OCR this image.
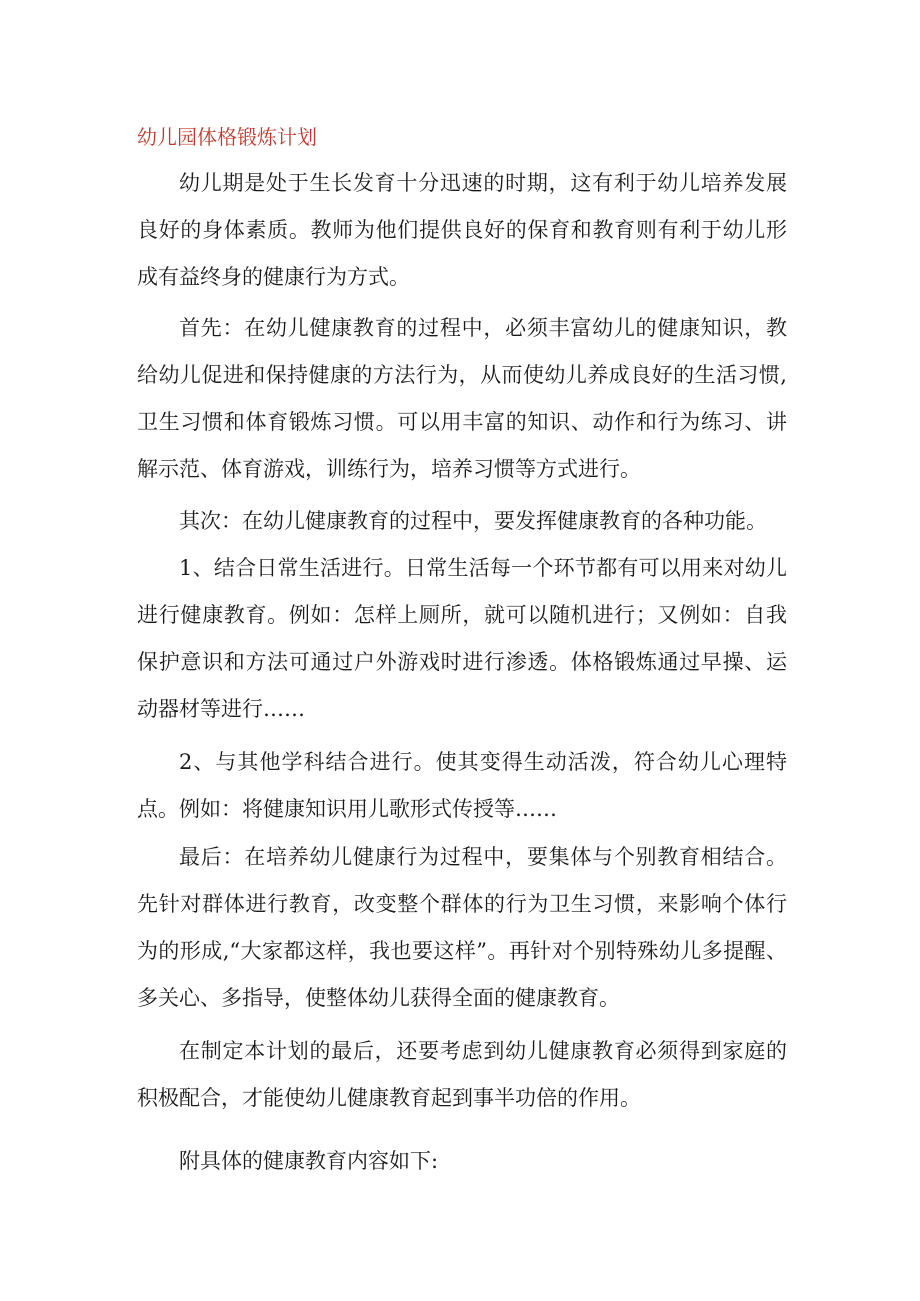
幼儿园体格锻炼计划

幼儿期是处于生长发育十分迅速的时期，这有利于幼儿培养发展良好的身体素质。教师为他们提供良好的保育和教育则有利于幼儿形成有益终身的健康行为方式。

首先：在幼儿健康教育的过程中，必须丰富幼儿的健康知识，教给幼儿促进和保持健康的方法行为，从而使幼儿养成良好的生活习惯,卫生习惯和体育锻炼习惯。可以用丰富的知识、动作和行为练习、讲解示范、体育游戏，训练行为，培养习惯等方式进行。

其次：在幼儿健康教育的过程中，要发挥健康教育的各种功能。

1、结合日常生活进行。日常生活每一个环节都有可以用来对幼儿进行健康教育。例如：怎样上厕所，就可以随机进行；又例如：自我保护意识和方法可通过户外游戏时进行渗透。体格锻炼通过早操、运动器材等进行……

2、与其他学科结合进行。使其变得生动活泼，符合幼儿心理特点。例如：将健康知识用儿歌形式传授等……

最后：在培养幼儿健康行为过程中，要集体与个别教育相结合。先针对群体进行教育，改变整个群体的行为卫生习惯，来影响个体行为的形成,“大家都这样，我也要这样”。再针对个别特殊幼儿多提醒、多关心、多指导，使整体幼儿获得全面的健康教育。

在制定本计划的最后，还要考虑到幼儿健康教育必须得到家庭的积极配合，才能使幼儿健康教育起到事半功倍的作用。

附具体的健康教育内容如下:
